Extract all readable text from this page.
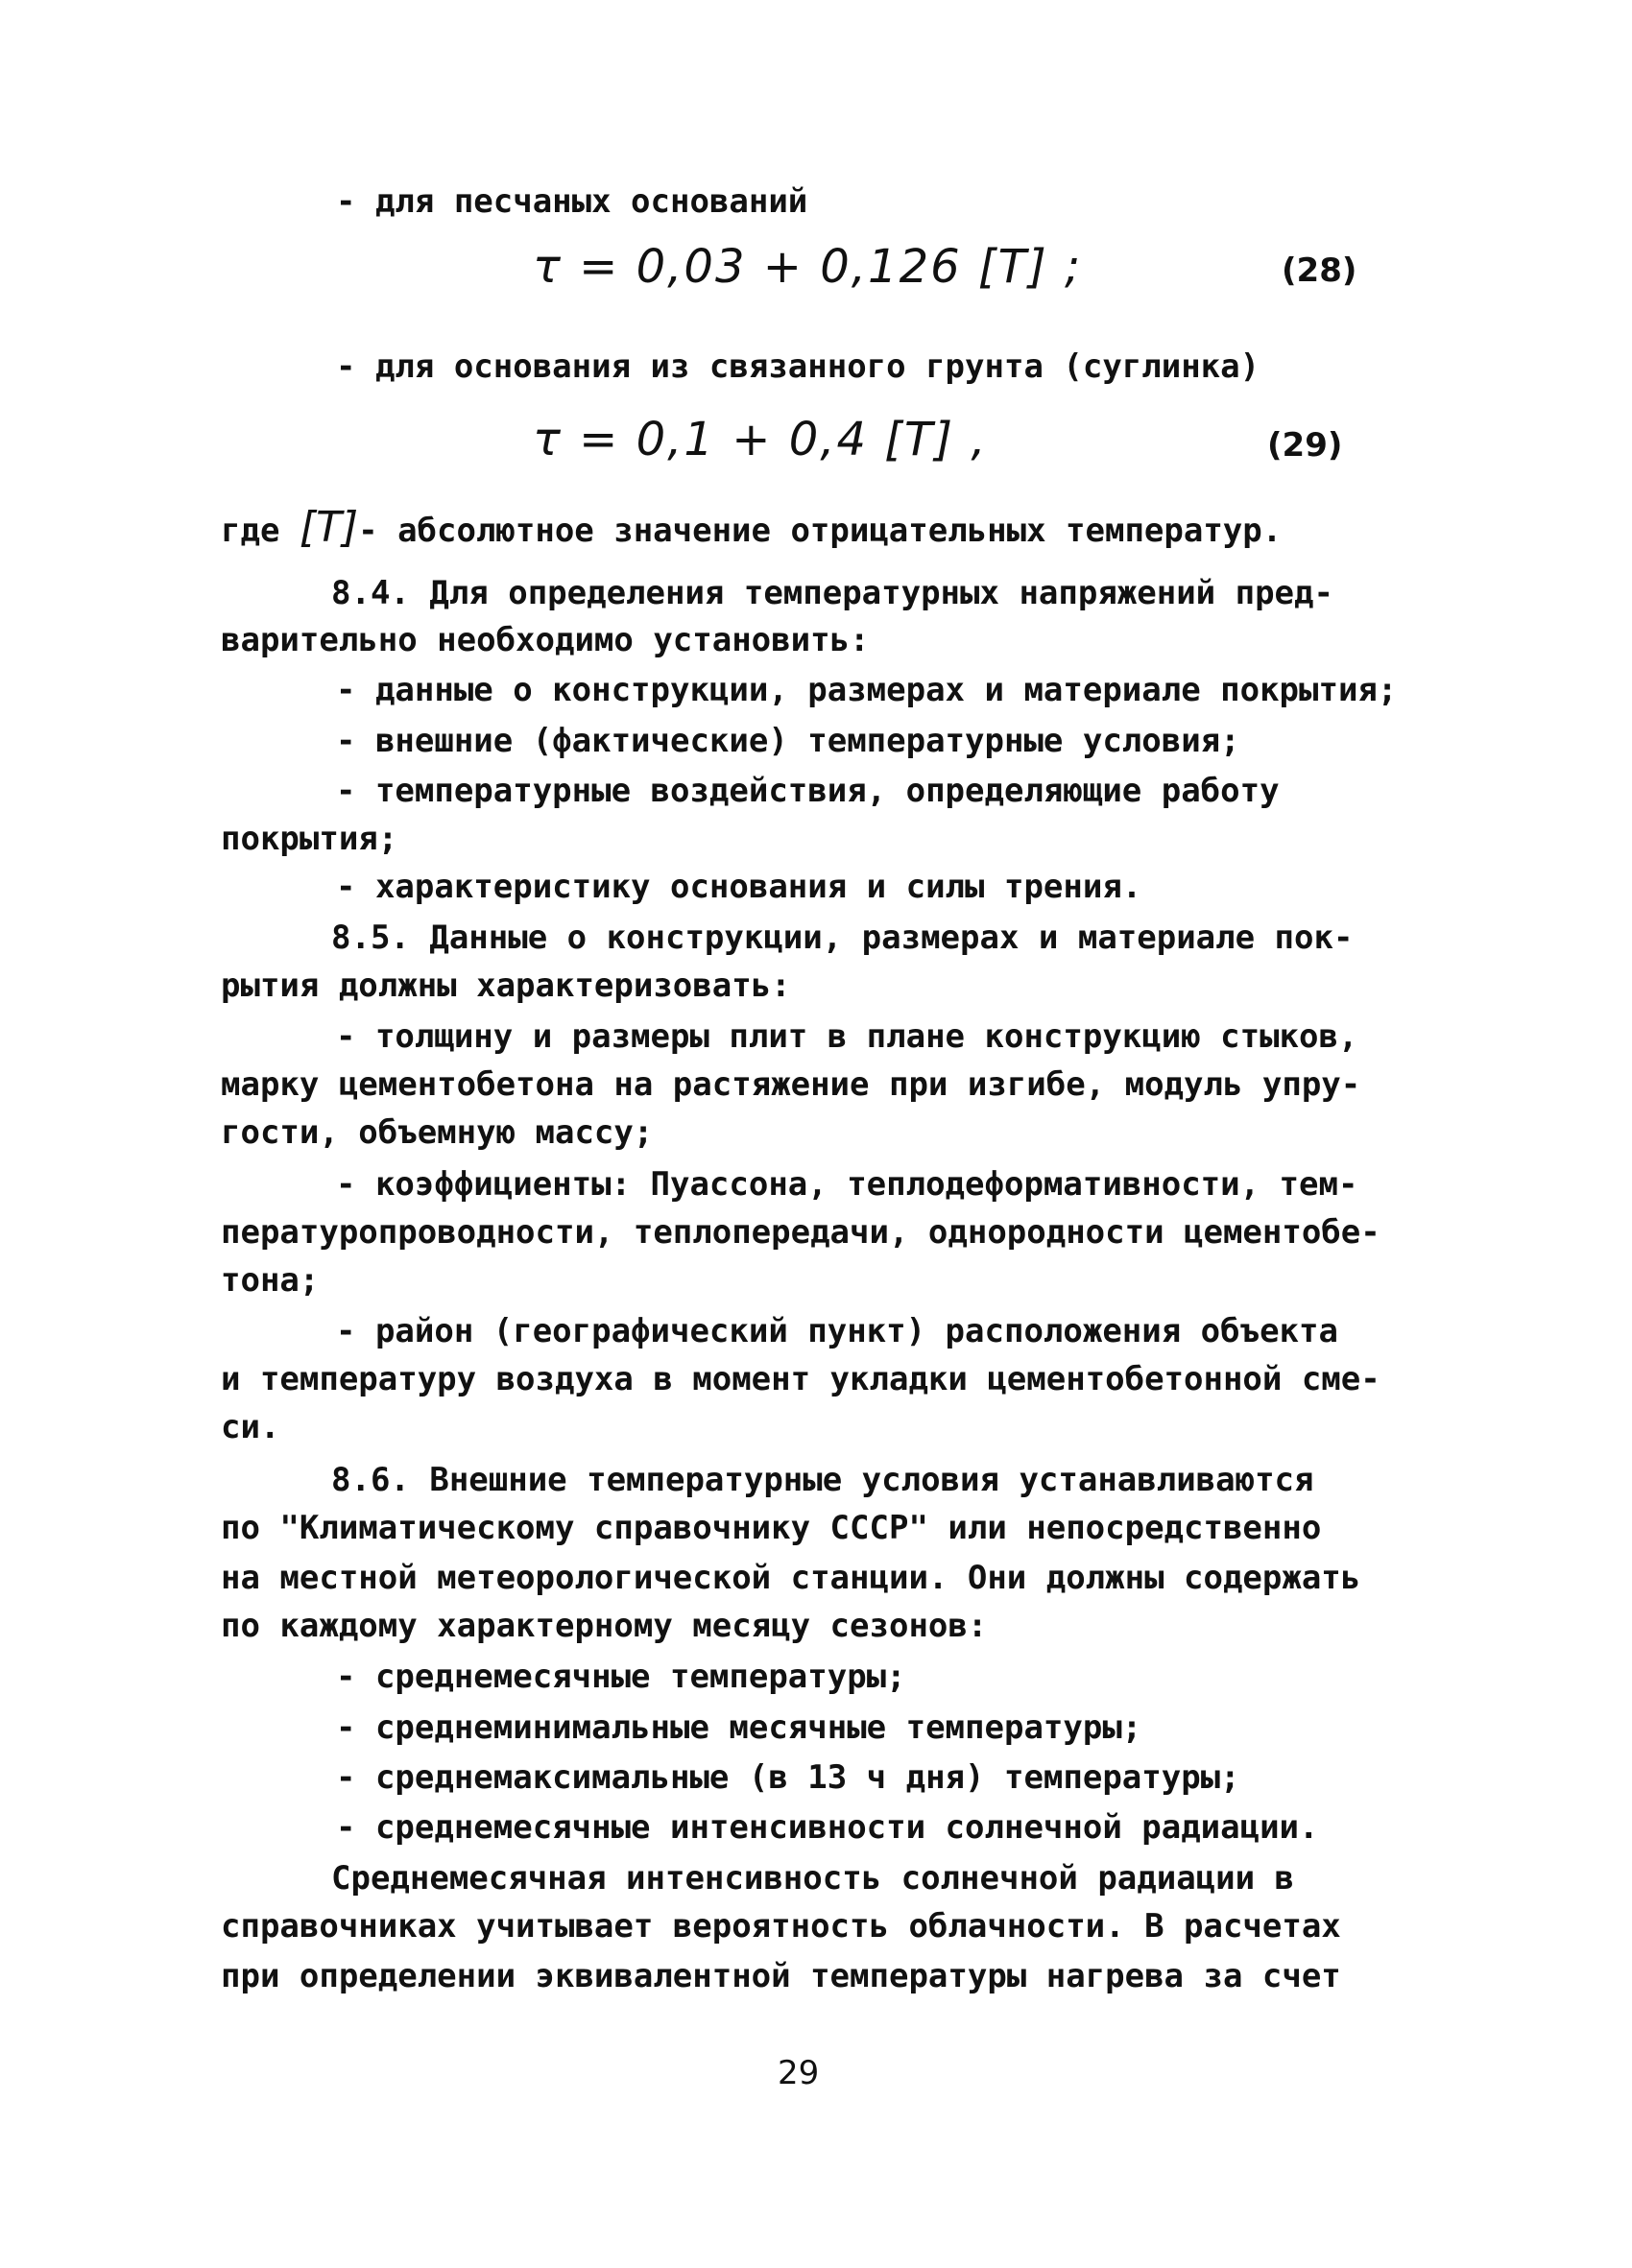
- для песчаных оснований
τ = 0,03 + 0,126 [T] ;	(28)
- для основания из связанного грунта (суглинка)
τ = 0,1 + 0,4 [T] ,	(29)
где [T]- абсолютное значение отрицательных температур.
8.4. Для определения температурных напряжений пред-
варительно необходимо установить:
- данные о конструкции, размерах и материале покрытия;
- внешние (фактические) температурные условия;
- температурные воздействия, определяющие работу
покрытия;
- характеристику основания и силы трения.
8.5. Данные о конструкции, размерах и материале пок-
рытия должны характеризовать:
- толщину и размеры плит в плане конструкцию стыков,
марку цементобетона на растяжение при изгибе, модуль упру-
гости, объемную массу;
- коэффициенты: Пуассона, теплодеформативности, тем-
пературопроводности, теплопередачи, однородности цементобе-
тона;
- район (географический пункт) расположения объекта
и температуру воздуха в момент укладки цементобетонной сме-
си.
8.6. Внешние температурные условия устанавливаются
по "Климатическому справочнику СССР" или непосредственно
на местной метеорологической станции. Они должны содержать
по каждому характерному месяцу сезонов:
- среднемесячные температуры;
- среднеминимальные месячные температуры;
- среднемаксимальные (в 13 ч дня) температуры;
- среднемесячные интенсивности солнечной радиации.
Среднемесячная интенсивность солнечной радиации в
справочниках учитывает вероятность облачности. В расчетах
при определении эквивалентной температуры нагрева за счет
29
